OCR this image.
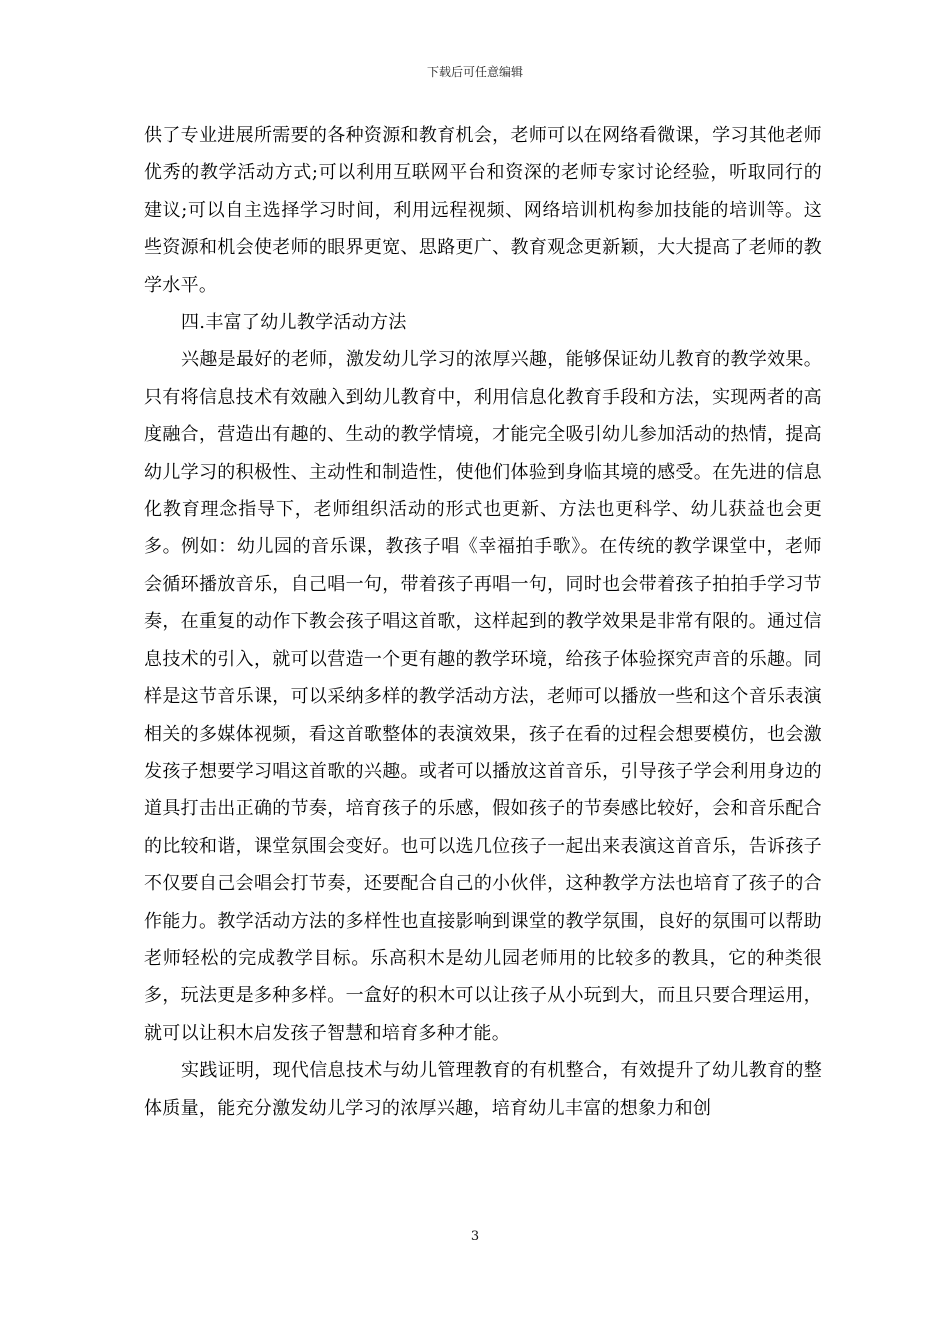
下载后可任意编辑

供了专业进展所需要的各种资源和教育机会，老师可以在网络看微课，学习其他老师优秀的教学活动方式;可以利用互联网平台和资深的老师专家讨论经验，听取同行的建议;可以自主选择学习时间，利用远程视频、网络培训机构参加技能的培训等。这些资源和机会使老师的眼界更宽、思路更广、教育观念更新颖，大大提高了老师的教学水平。

四.丰富了幼儿教学活动方法

兴趣是最好的老师，激发幼儿学习的浓厚兴趣，能够保证幼儿教育的教学效果。只有将信息技术有效融入到幼儿教育中，利用信息化教育手段和方法，实现两者的高度融合，营造出有趣的、生动的教学情境，才能完全吸引幼儿参加活动的热情，提高幼儿学习的积极性、主动性和制造性，使他们体验到身临其境的感受。在先进的信息化教育理念指导下，老师组织活动的形式也更新、方法也更科学、幼儿获益也会更多。例如：幼儿园的音乐课，教孩子唱《幸福拍手歌》。在传统的教学课堂中，老师会循环播放音乐，自己唱一句，带着孩子再唱一句，同时也会带着孩子拍拍手学习节奏，在重复的动作下教会孩子唱这首歌，这样起到的教学效果是非常有限的。通过信息技术的引入，就可以营造一个更有趣的教学环境，给孩子体验探究声音的乐趣。同样是这节音乐课，可以采纳多样的教学活动方法，老师可以播放一些和这个音乐表演相关的多媒体视频，看这首歌整体的表演效果，孩子在看的过程会想要模仿，也会激发孩子想要学习唱这首歌的兴趣。或者可以播放这首音乐，引导孩子学会利用身边的道具打击出正确的节奏，培育孩子的乐感，假如孩子的节奏感比较好，会和音乐配合的比较和谐，课堂氛围会变好。也可以选几位孩子一起出来表演这首音乐，告诉孩子不仅要自己会唱会打节奏，还要配合自己的小伙伴，这种教学方法也培育了孩子的合作能力。教学活动方法的多样性也直接影响到课堂的教学氛围，良好的氛围可以帮助老师轻松的完成教学目标。乐高积木是幼儿园老师用的比较多的教具，它的种类很多，玩法更是多种多样。一盒好的积木可以让孩子从小玩到大，而且只要合理运用，就可以让积木启发孩子智慧和培育多种才能。

实践证明，现代信息技术与幼儿管理教育的有机整合，有效提升了幼儿教育的整体质量，能充分激发幼儿学习的浓厚兴趣，培育幼儿丰富的想象力和创

3
